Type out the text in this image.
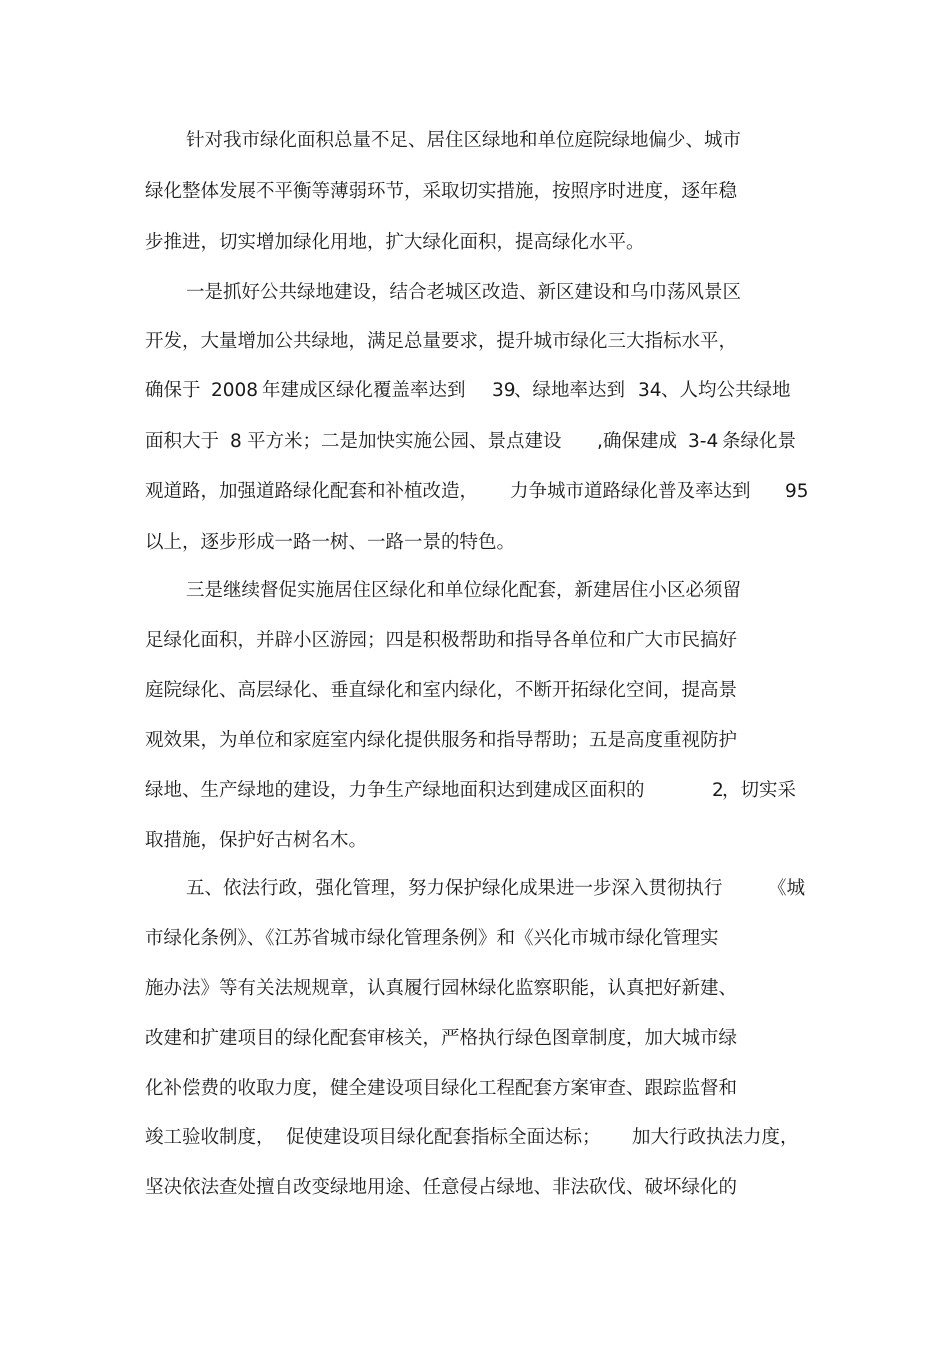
针对我市绿化面积总量不足、居住区绿地和单位庭院绿地偏少、城市

绿化整体发展不平衡等薄弱环节，采取切实措施，按照序时进度，逐年稳

步推进，切实增加绿化用地，扩大绿化面积，提高绿化水平。

一是抓好公共绿地建设，结合老城区改造、新区建设和乌巾荡风景区

开发，大量增加公共绿地，满足总量要求，提升城市绿化三大指标水平，

确保于

2008

年建成区绿化覆盖率达到

39

、绿地率达到

34

、人均公共绿地

面积大于

8

平方米；二是加快实施公园、景点建设

,

确保建成

3-4

条绿化景

观道路，加强道路绿化配套和补植改造，

力争城市道路绿化普及率达到

95

以上，逐步形成一路一树、一路一景的特色。

三是继续督促实施居住区绿化和单位绿化配套，新建居住小区必须留

足绿化面积，并辟小区游园；四是积极帮助和指导各单位和广大市民搞好

庭院绿化、高层绿化、垂直绿化和室内绿化，不断开拓绿化空间，提高景

观效果，为单位和家庭室内绿化提供服务和指导帮助；五是高度重视防护

绿地、生产绿地的建设，力争生产绿地面积达到建成区面积的

	2

，切实采

取措施，保护好古树名木。

五、依法行政，强化管理，努力保护绿化成果进一步深入贯彻执行

《城

市绿化条例》、《江苏省城市绿化管理条例》和《兴化市城市绿化管理实

施办法》等有关法规规章，认真履行园林绿化监察职能，认真把好新建、

改建和扩建项目的绿化配套审核关，严格执行绿色图章制度，加大城市绿

化补偿费的收取力度，健全建设项目绿化工程配套方案审查、跟踪监督和

竣工验收制度，

促使建设项目绿化配套指标全面达标；

加大行政执法力度，

坚决依法查处擅自改变绿地用途、任意侵占绿地、非法砍伐、破坏绿化的
